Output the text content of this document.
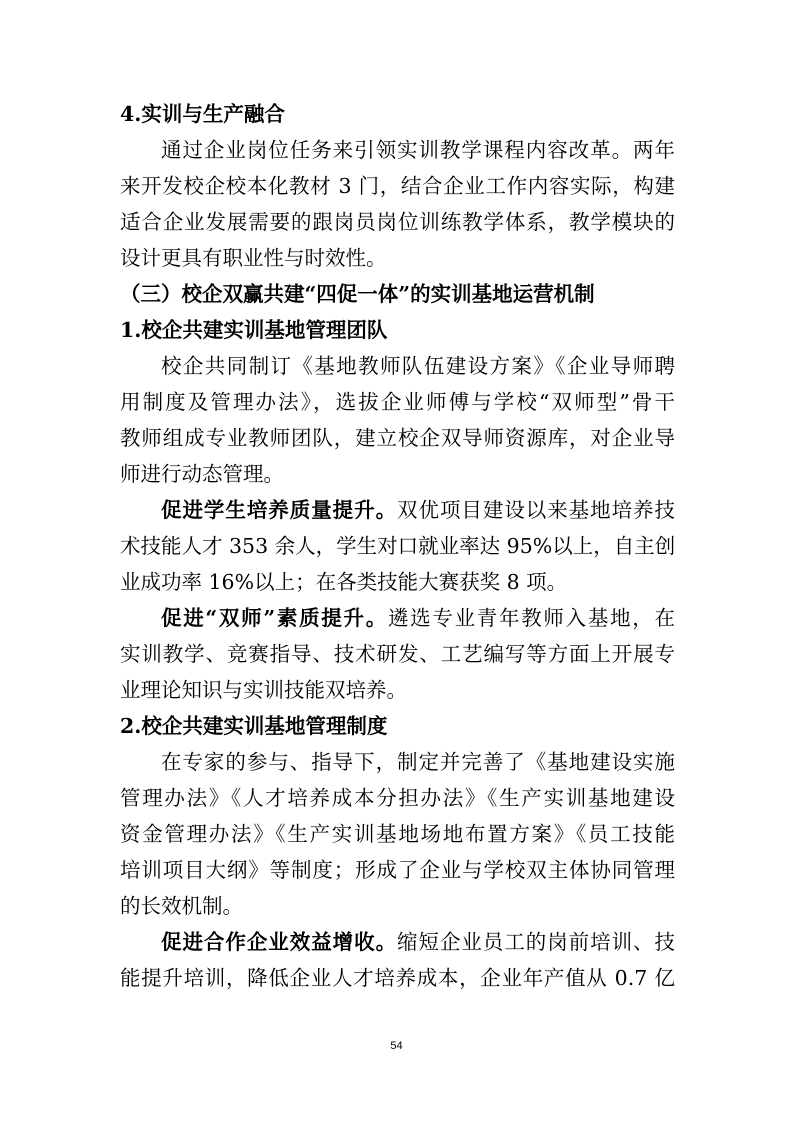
4.实训与生产融合
通过企业岗位任务来引领实训教学课程内容改革。两年
来开发校企校本化教材 3 门，结合企业工作内容实际，构建
适合企业发展需要的跟岗员岗位训练教学体系，教学模块的
设计更具有职业性与时效性。
（三）校企双赢共建“四促一体”的实训基地运营机制
1.校企共建实训基地管理团队
校企共同制订《基地教师队伍建设方案》《企业导师聘
用制度及管理办法》，选拔企业师傅与学校“双师型”骨干
教师组成专业教师团队，建立校企双导师资源库，对企业导
师进行动态管理。
促进学生培养质量提升。双优项目建设以来基地培养技
术技能人才 353 余人，学生对口就业率达 95%以上，自主创
业成功率 16%以上；在各类技能大赛获奖 8 项。
促进“双师”素质提升。遴选专业青年教师入基地，在
实训教学、竞赛指导、技术研发、工艺编写等方面上开展专
业理论知识与实训技能双培养。
2.校企共建实训基地管理制度
在专家的参与、指导下，制定并完善了《基地建设实施
管理办法》《人才培养成本分担办法》《生产实训基地建设
资金管理办法》《生产实训基地场地布置方案》《员工技能
培训项目大纲》等制度；形成了企业与学校双主体协同管理
的长效机制。
促进合作企业效益增收。缩短企业员工的岗前培训、技
能提升培训，降低企业人才培养成本，企业年产值从 0.7 亿
54
